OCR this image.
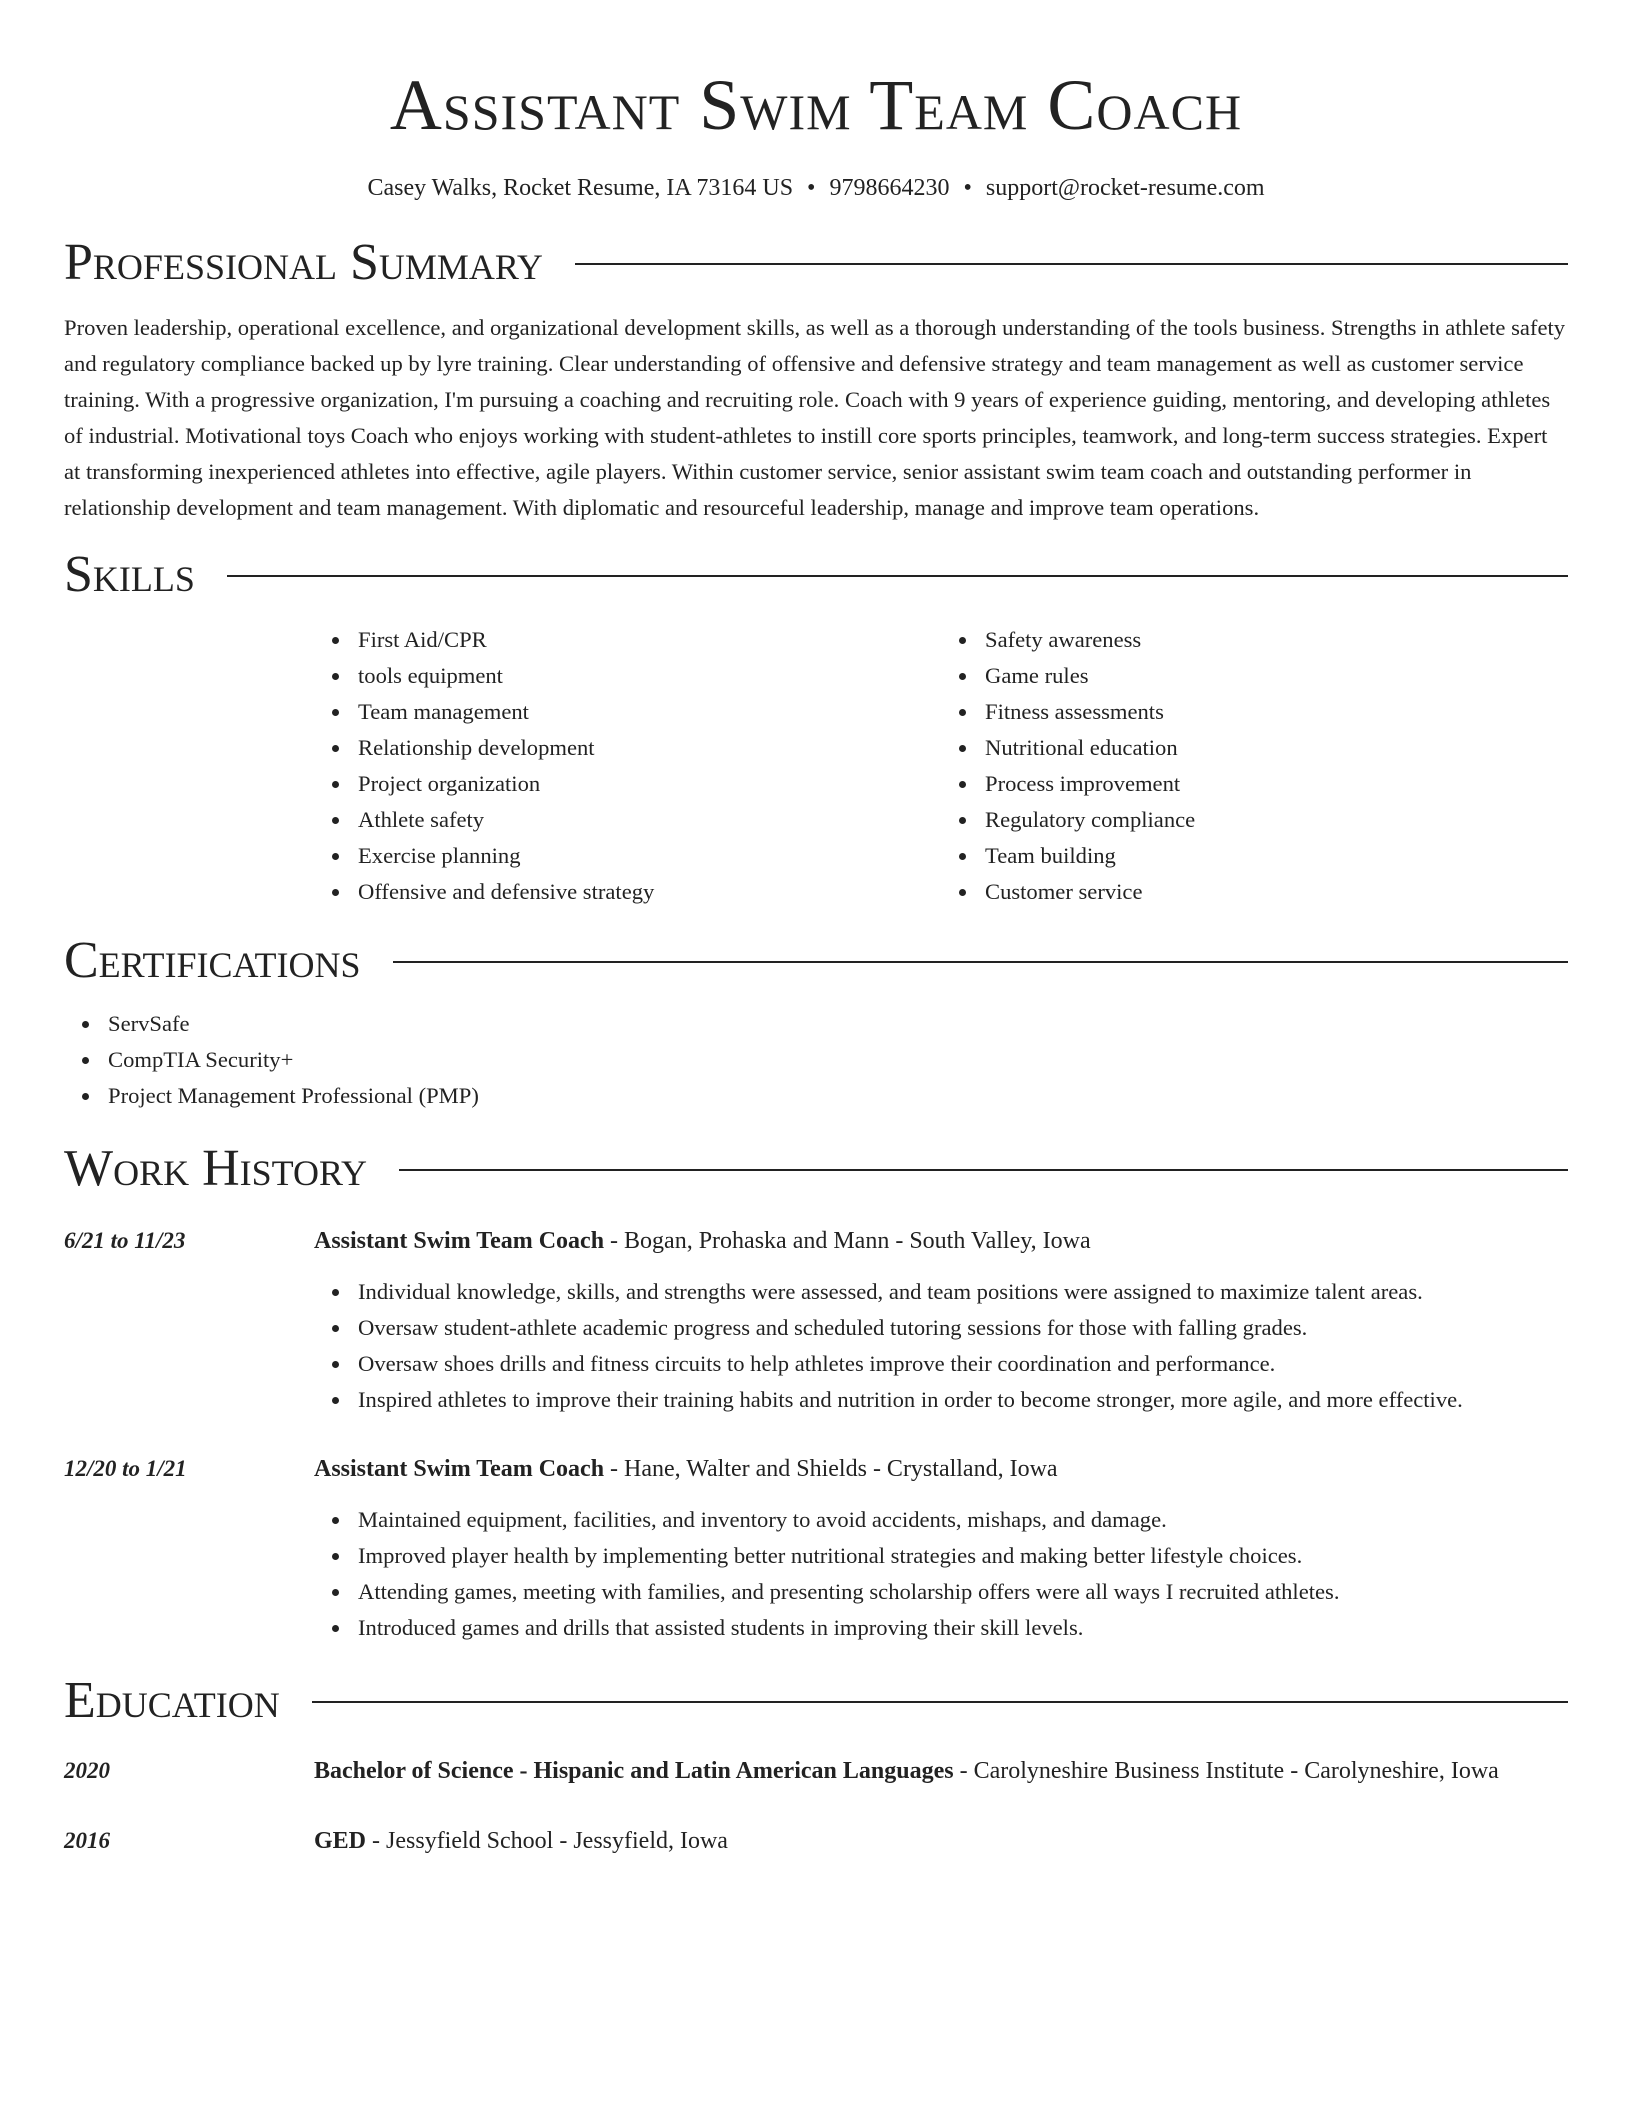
Assistant Swim Team Coach
Casey Walks, Rocket Resume, IA 73164 US • 9798664230 • support@rocket-resume.com
Professional Summary

Proven leadership, operational excellence, and organizational development skills, as well as a thorough understanding of the tools business. Strengths in athlete safety and regulatory compliance backed up by lyre training. Clear understanding of offensive and defensive strategy and team management as well as customer service training. With a progressive organization, I'm pursuing a coaching and recruiting role. Coach with 9 years of experience guiding, mentoring, and developing athletes of industrial. Motivational toys Coach who enjoys working with student-athletes to instill core sports principles, teamwork, and long-term success strategies. Expert at transforming inexperienced athletes into effective, agile players. Within customer service, senior assistant swim team coach and outstanding performer in relationship development and team management. With diplomatic and resourceful leadership, manage and improve team operations.

Skills
First Aid/CPR
tools equipment
Team management
Relationship development
Project organization
Athlete safety
Exercise planning
Offensive and defensive strategy
Safety awareness
Game rules
Fitness assessments
Nutritional education
Process improvement
Regulatory compliance
Team building
Customer service
Certifications
ServSafe
CompTIA Security+
Project Management Professional (PMP)
Work History
6/21 to 11/23	Assistant Swim Team Coach - Bogan, Prohaska and Mann - South Valley, Iowa
Individual knowledge, skills, and strengths were assessed, and team positions were assigned to maximize talent areas.
Oversaw student-athlete academic progress and scheduled tutoring sessions for those with falling grades.
Oversaw shoes drills and fitness circuits to help athletes improve their coordination and performance.
Inspired athletes to improve their training habits and nutrition in order to become stronger, more agile, and more effective.
12/20 to 1/21	Assistant Swim Team Coach - Hane, Walter and Shields - Crystalland, Iowa
Maintained equipment, facilities, and inventory to avoid accidents, mishaps, and damage.
Improved player health by implementing better nutritional strategies and making better lifestyle choices.
Attending games, meeting with families, and presenting scholarship offers were all ways I recruited athletes.
Introduced games and drills that assisted students in improving their skill levels.
Education
2020	Bachelor of Science - Hispanic and Latin American Languages - Carolyneshire Business Institute - Carolyneshire, Iowa
2016	GED - Jessyfield School - Jessyfield, Iowa
